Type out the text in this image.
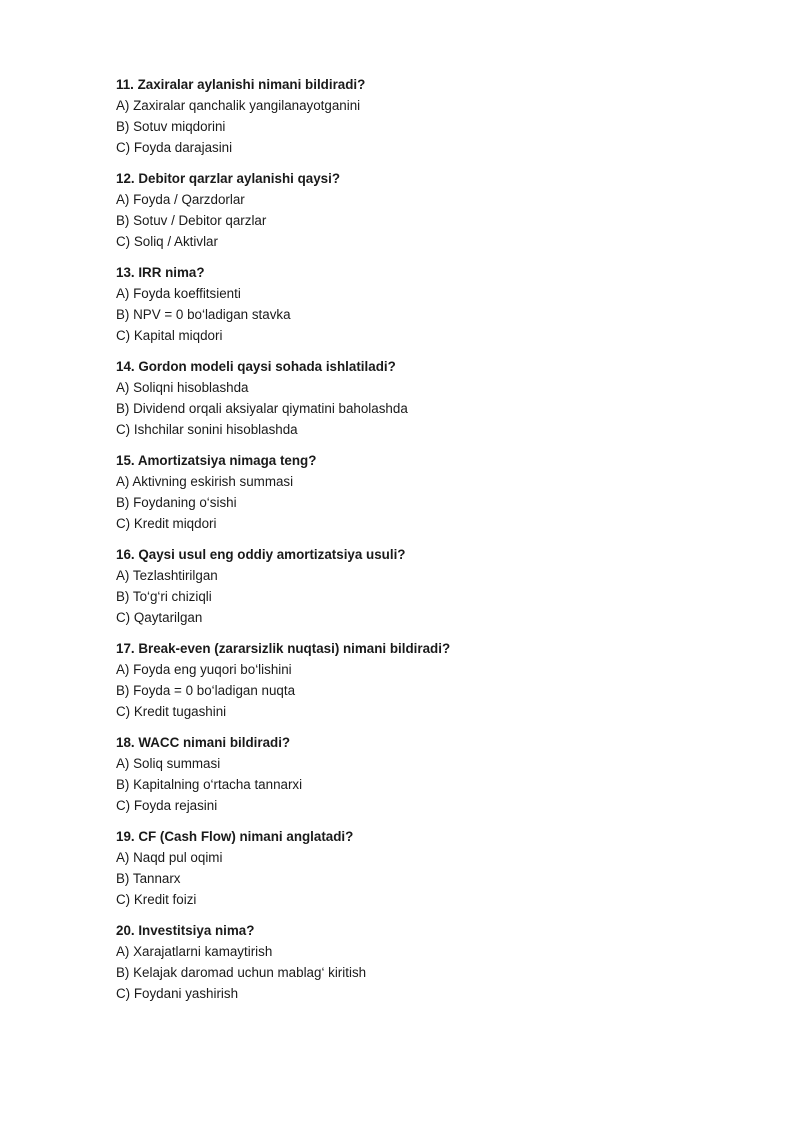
11. Zaxiralar aylanishi nimani bildiradi?
A) Zaxiralar qanchalik yangilanayotganini
B) Sotuv miqdorini
C) Foyda darajasini
12. Debitor qarzlar aylanishi qaysi?
A) Foyda / Qarzdorlar
B) Sotuv / Debitor qarzlar
C) Soliq / Aktivlar
13. IRR nima?
A) Foyda koeffitsienti
B) NPV = 0 bo‘ladigan stavka
C) Kapital miqdori
14. Gordon modeli qaysi sohada ishlatiladi?
A) Soliqni hisoblashda
B) Dividend orqali aksiyalar qiymatini baholashda
C) Ishchilar sonini hisoblashda
15. Amortizatsiya nimaga teng?
A) Aktivning eskirish summasi
B) Foydaning o‘sishi
C) Kredit miqdori
16. Qaysi usul eng oddiy amortizatsiya usuli?
A) Tezlashtirilgan
B) To‘g‘ri chiziqli
C) Qaytarilgan
17. Break-even (zararsizlik nuqtasi) nimani bildiradi?
A) Foyda eng yuqori bo‘lishini
B) Foyda = 0 bo‘ladigan nuqta
C) Kredit tugashini
18. WACC nimani bildiradi?
A) Soliq summasi
B) Kapitalning o‘rtacha tannarxi
C) Foyda rejasini
19. CF (Cash Flow) nimani anglatadi?
A) Naqd pul oqimi
B) Tannarx
C) Kredit foizi
20. Investitsiya nima?
A) Xarajatlarni kamaytirish
B) Kelajak daromad uchun mablag‘ kiritish
C) Foydani yashirish
